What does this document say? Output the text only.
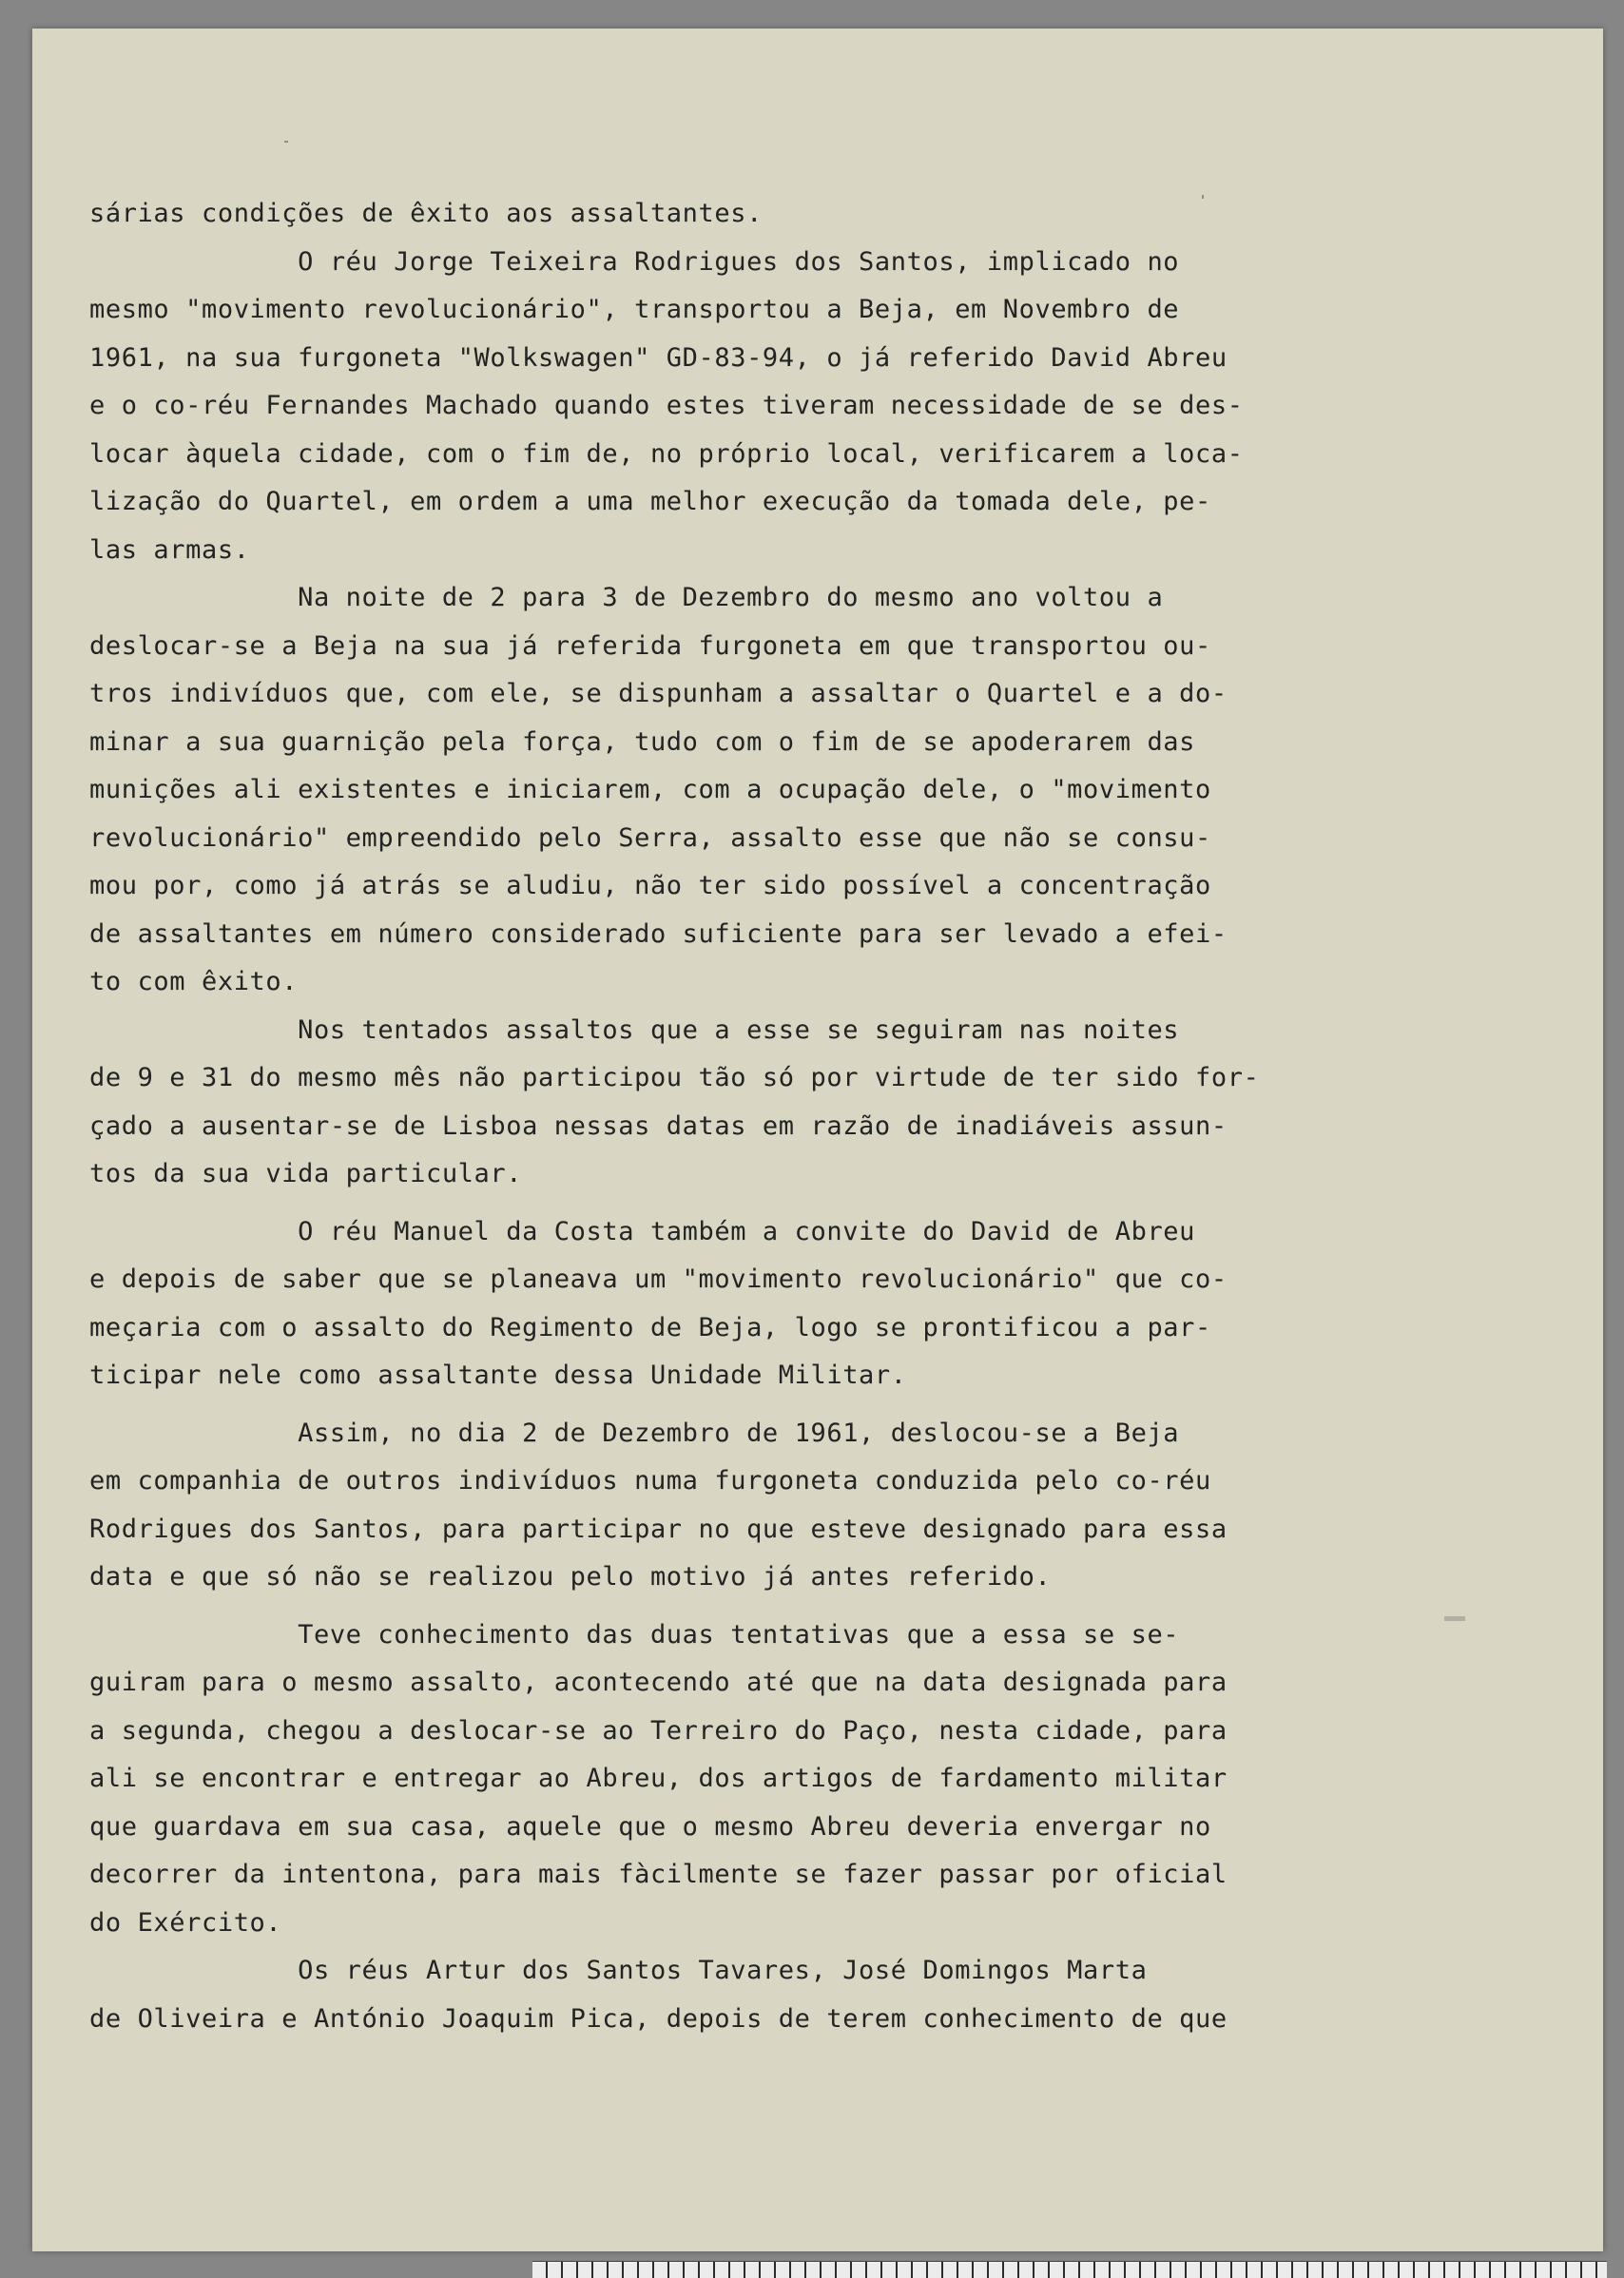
sárias condições de êxito aos assaltantes.
O réu Jorge Teixeira Rodrigues dos Santos, implicado no
mesmo "movimento revolucionário", transportou a Beja, em Novembro de
1961, na sua furgoneta "Wolkswagen" GD-83-94, o já referido David Abreu
e o co-réu Fernandes Machado quando estes tiveram necessidade de se des-
locar àquela cidade, com o fim de, no próprio local, verificarem a loca-
lização do Quartel, em ordem a uma melhor execução da tomada dele, pe-
las armas.
Na noite de 2 para 3 de Dezembro do mesmo ano voltou a
deslocar-se a Beja na sua já referida furgoneta em que transportou ou-
tros indivíduos que, com ele, se dispunham a assaltar o Quartel e a do-
minar a sua guarnição pela força, tudo com o fim de se apoderarem das
munições ali existentes e iniciarem, com a ocupação dele, o "movimento
revolucionário" empreendido pelo Serra, assalto esse que não se consu-
mou por, como já atrás se aludiu, não ter sido possível a concentração
de assaltantes em número considerado suficiente para ser levado a efei-
to com êxito.
Nos tentados assaltos que a esse se seguiram nas noites
de 9 e 31 do mesmo mês não participou tão só por virtude de ter sido for-
çado a ausentar-se de Lisboa nessas datas em razão de inadiáveis assun-
tos da sua vida particular.
O réu Manuel da Costa também a convite do David de Abreu
e depois de saber que se planeava um "movimento revolucionário" que co-
meçaria com o assalto do Regimento de Beja, logo se prontificou a par-
ticipar nele como assaltante dessa Unidade Militar.
Assim, no dia 2 de Dezembro de 1961, deslocou-se a Beja
em companhia de outros indivíduos numa furgoneta conduzida pelo co-réu
Rodrigues dos Santos, para participar no que esteve designado para essa
data e que só não se realizou pelo motivo já antes referido.
Teve conhecimento das duas tentativas que a essa se se-
guiram para o mesmo assalto, acontecendo até que na data designada para
a segunda, chegou a deslocar-se ao Terreiro do Paço, nesta cidade, para
ali se encontrar e entregar ao Abreu, dos artigos de fardamento militar
que guardava em sua casa, aquele que o mesmo Abreu deveria envergar no
decorrer da intentona, para mais fàcilmente se fazer passar por oficial
do Exército.
Os réus Artur dos Santos Tavares, José Domingos Marta
de Oliveira e António Joaquim Pica, depois de terem conhecimento de que
